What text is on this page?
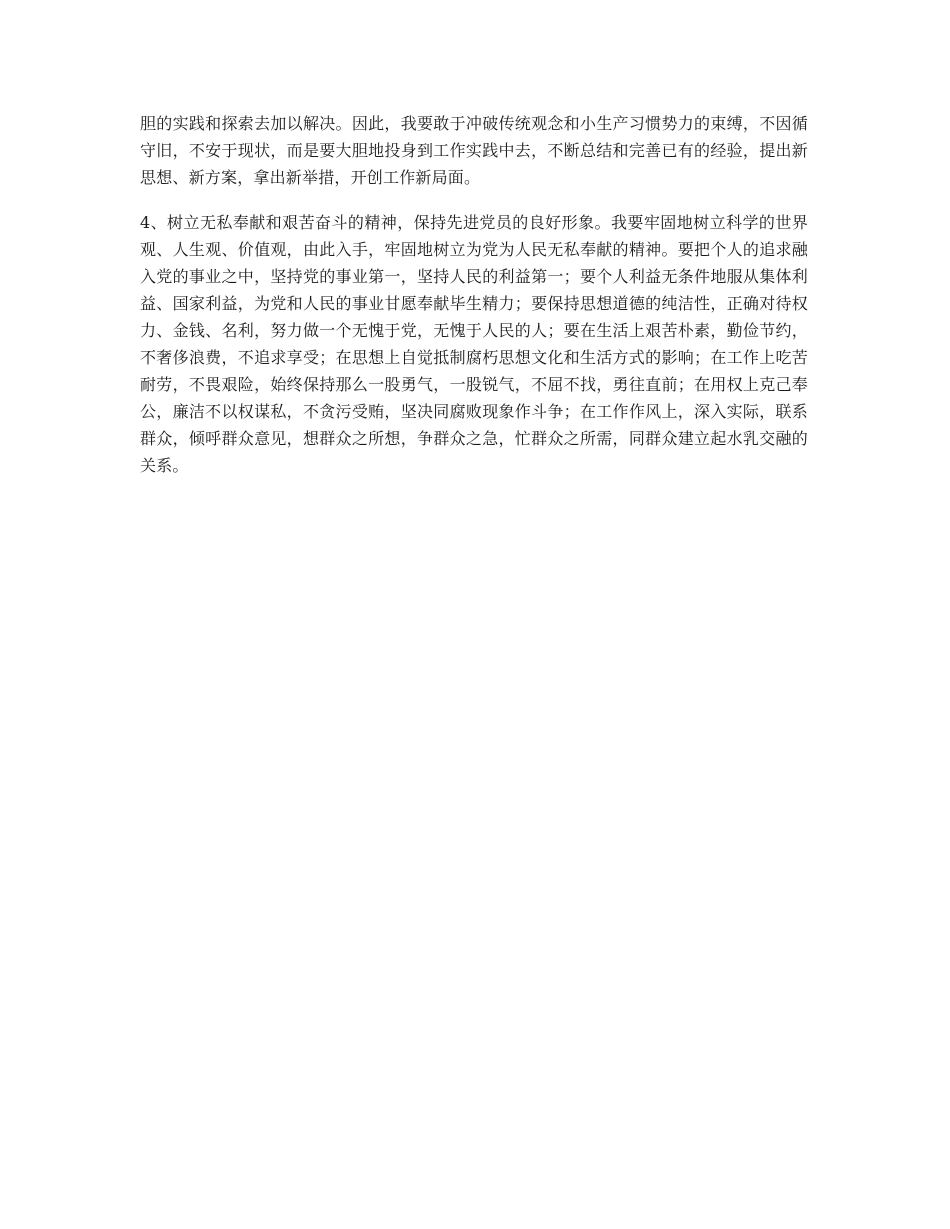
胆的实践和探索去加以解决。因此，我要敢于冲破传统观念和小生产习惯势力的束缚，不因循守旧，不安于现状，而是要大胆地投身到工作实践中去，不断总结和完善已有的经验，提出新思想、新方案，拿出新举措，开创工作新局面。

4、树立无私奉献和艰苦奋斗的精神，保持先进党员的良好形象。我要牢固地树立科学的世界观、人生观、价值观，由此入手，牢固地树立为党为人民无私奉献的精神。要把个人的追求融入党的事业之中，坚持党的事业第一，坚持人民的利益第一；要个人利益无条件地服从集体利益、国家利益，为党和人民的事业甘愿奉献毕生精力；要保持思想道德的纯洁性，正确对待权力、金钱、名利，努力做一个无愧于党，无愧于人民的人；要在生活上艰苦朴素，勤俭节约，不奢侈浪费，不追求享受；在思想上自觉抵制腐朽思想文化和生活方式的影响；在工作上吃苦耐劳，不畏艰险，始终保持那么一股勇气，一股锐气，不屈不找，勇往直前；在用权上克己奉公，廉洁不以权谋私，不贪污受贿，坚决同腐败现象作斗争；在工作作风上，深入实际，联系群众，倾呼群众意见，想群众之所想，争群众之急，忙群众之所需，同群众建立起水乳交融的关系。
